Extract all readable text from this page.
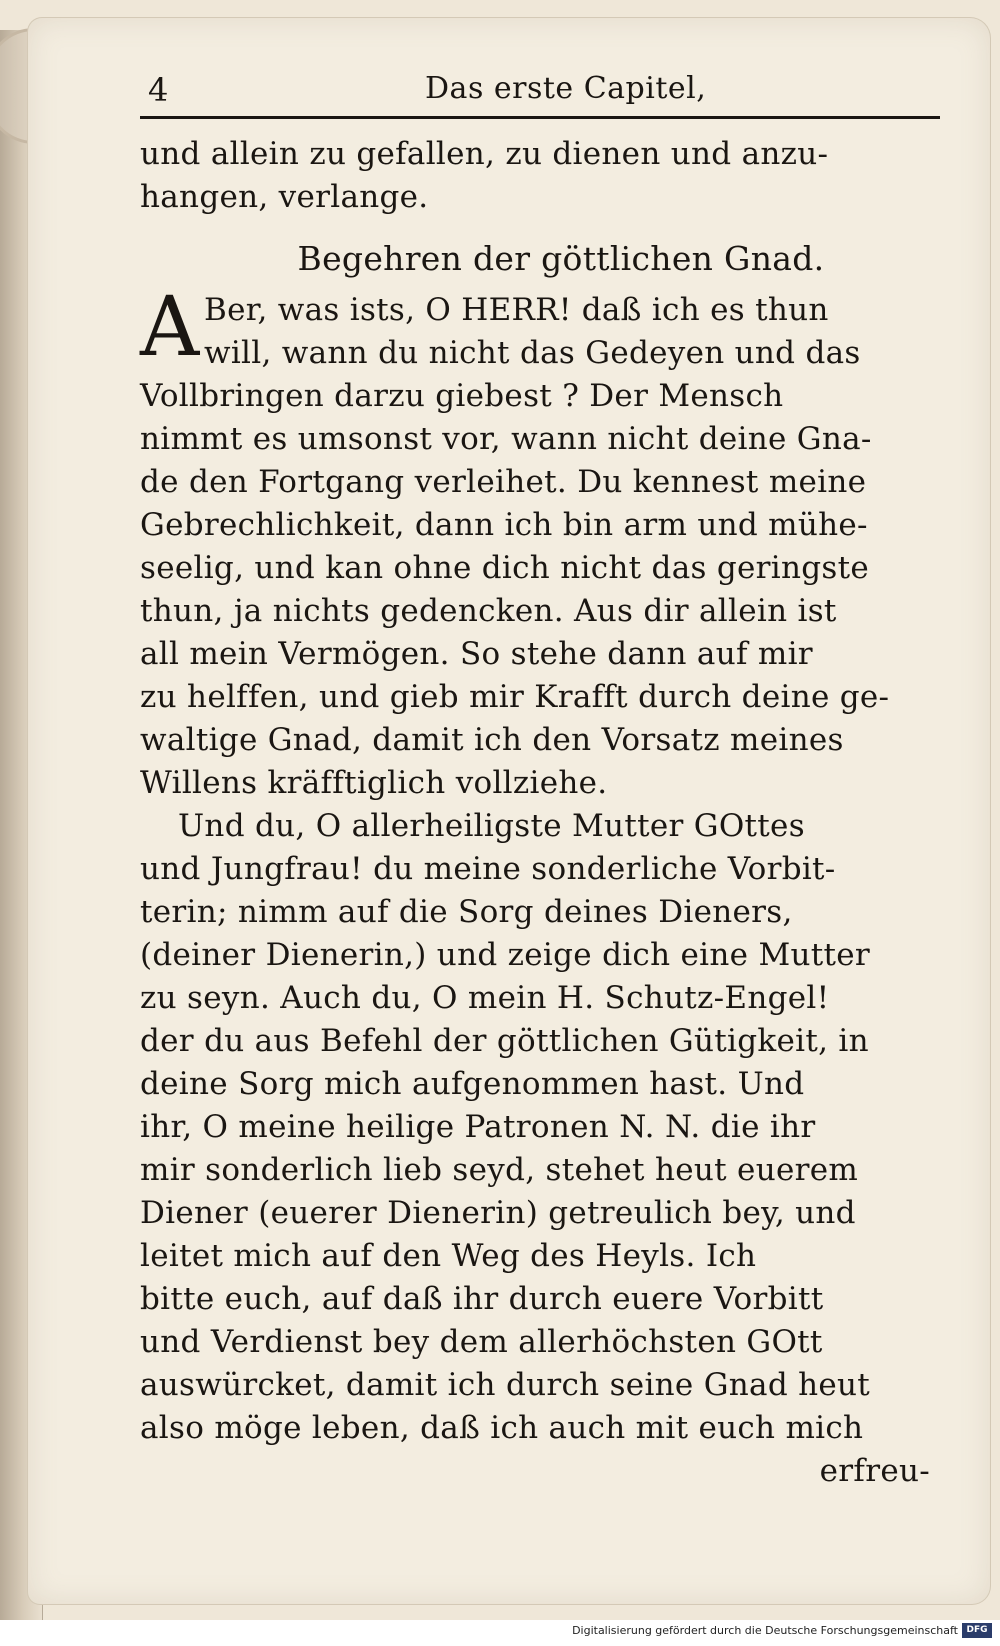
4	Das erste Capitel,
und allein zu gefallen, zu dienen und anzu-
hangen, verlange.
Begehren der göttlichen Gnad.
A Ber, was ists, O HERR! daß ich es thun
will, wann du nicht das Gedeyen und das
Vollbringen darzu giebest ? Der Mensch
nimmt es umsonst vor, wann nicht deine Gna-
de den Fortgang verleihet. Du kennest meine
Gebrechlichkeit, dann ich bin arm und mühe-
seelig, und kan ohne dich nicht das geringste
thun, ja nichts gedencken. Aus dir allein ist
all mein Vermögen. So stehe dann auf mir
zu helffen, und gieb mir Krafft durch deine ge-
waltige Gnad, damit ich den Vorsatz meines
Willens kräfftiglich vollziehe.
Und du, O allerheiligste Mutter GOttes
und Jungfrau! du meine sonderliche Vorbit-
terin; nimm auf die Sorg deines Dieners,
(deiner Dienerin,) und zeige dich eine Mutter
zu seyn. Auch du, O mein H. Schutz-Engel!
der du aus Befehl der göttlichen Gütigkeit, in
deine Sorg mich aufgenommen hast. Und
ihr, O meine heilige Patronen N. N. die ihr
mir sonderlich lieb seyd, stehet heut euerem
Diener (euerer Dienerin) getreulich bey, und
leitet mich auf den Weg des Heyls. Ich
bitte euch, auf daß ihr durch euere Vorbitt
und Verdienst bey dem allerhöchsten GOtt
auswürcket, damit ich durch seine Gnad heut
also möge leben, daß ich auch mit euch mich
erfreu-
Digitalisierung gefördert durch die Deutsche Forschungsgemeinschaft DFG
